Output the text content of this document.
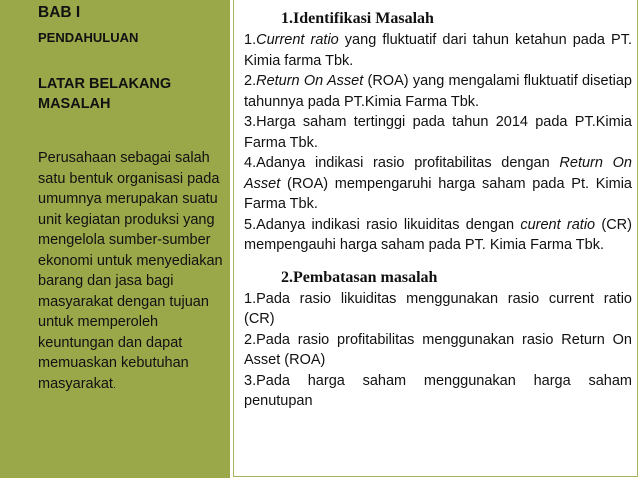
BAB I
PENDAHULUAN
LATAR BELAKANG
MASALAH
Perusahaan sebagai salah satu bentuk organisasi pada umumnya merupakan suatu unit kegiatan produksi yang mengelola sumber-sumber ekonomi untuk menyediakan barang dan jasa bagi masyarakat dengan tujuan untuk memperoleh keuntungan dan dapat memuaskan kebutuhan masyarakat.
1.Identifikasi Masalah

1.Current ratio yang fluktuatif dari tahun ketahun pada PT. Kimia farma Tbk.

2.Return On Asset (ROA) yang mengalami fluktuatif disetiap tahunnya pada PT.Kimia Farma Tbk.

3.Harga saham tertinggi pada tahun 2014 pada PT.Kimia Farma Tbk.

4.Adanya indikasi rasio profitabilitas dengan Return On Asset (ROA) mempengaruhi harga saham pada Pt. Kimia Farma Tbk.

5.Adanya indikasi rasio likuiditas dengan curent ratio (CR) mempengauhi harga saham pada PT. Kimia Farma Tbk.

2.Pembatasan masalah

1.Pada rasio likuiditas menggunakan rasio current ratio (CR)

2.Pada rasio profitabilitas menggunakan rasio Return On Asset (ROA)

3.Pada harga saham menggunakan harga saham penutupan
